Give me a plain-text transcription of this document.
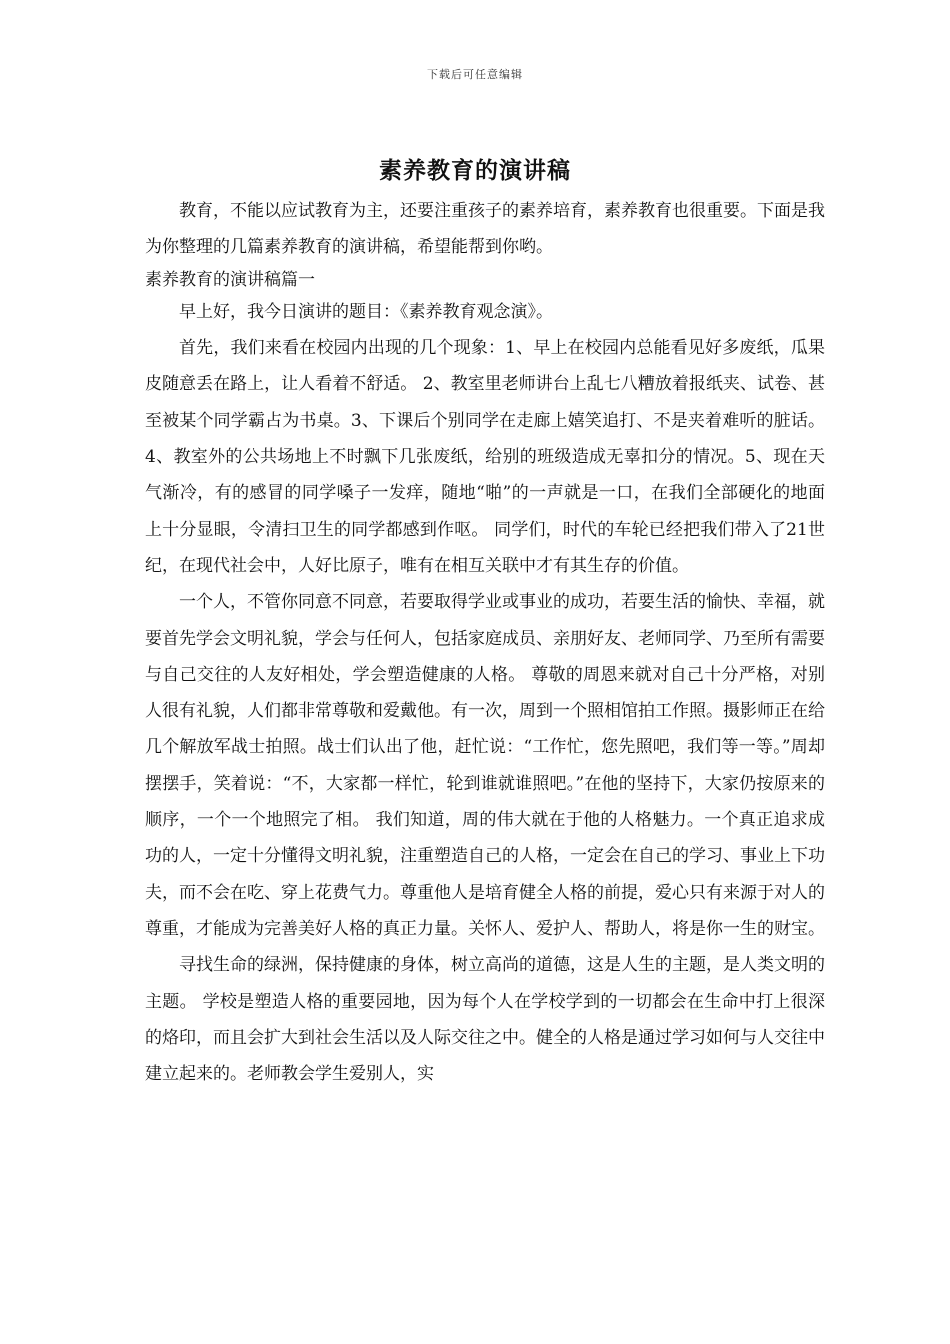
下载后可任意编辑
素养教育的演讲稿

教育，不能以应试教育为主，还要注重孩子的素养培育，素养教育也很重要。下面是我为你整理的几篇素养教育的演讲稿，希望能帮到你哟。

素养教育的演讲稿篇一

早上好，我今日演讲的题目：《素养教育观念演》。

首先，我们来看在校园内出现的几个现象：1、早上在校园内总能看见好多废纸，瓜果皮随意丢在路上，让人看着不舒适。 2、教室里老师讲台上乱七八糟放着报纸夹、试卷、甚至被某个同学霸占为书桌。3、下课后个别同学在走廊上嬉笑追打、不是夹着难听的脏话。4、教室外的公共场地上不时飘下几张废纸，给别的班级造成无辜扣分的情况。5、现在天气渐冷，有的感冒的同学嗓子一发痒，随地“啪”的一声就是一口，在我们全部硬化的地面上十分显眼，令清扫卫生的同学都感到作呕。 同学们，时代的车轮已经把我们带入了21世纪，在现代社会中，人好比原子，唯有在相互关联中才有其生存的价值。

一个人，不管你同意不同意，若要取得学业或事业的成功，若要生活的愉快、幸福，就要首先学会文明礼貌，学会与任何人，包括家庭成员、亲朋好友、老师同学、乃至所有需要与自己交往的人友好相处，学会塑造健康的人格。 尊敬的周恩来就对自己十分严格，对别人很有礼貌，人们都非常尊敬和爱戴他。有一次，周到一个照相馆拍工作照。摄影师正在给几个解放军战士拍照。战士们认出了他，赶忙说：“工作忙，您先照吧，我们等一等。”周却摆摆手，笑着说：“不，大家都一样忙，轮到谁就谁照吧。”在他的坚持下，大家仍按原来的顺序，一个一个地照完了相。 我们知道，周的伟大就在于他的人格魅力。一个真正追求成功的人，一定十分懂得文明礼貌，注重塑造自己的人格，一定会在自己的学习、事业上下功夫，而不会在吃、穿上花费气力。尊重他人是培育健全人格的前提，爱心只有来源于对人的尊重，才能成为完善美好人格的真正力量。关怀人、爱护人、帮助人，将是你一生的财宝。

寻找生命的绿洲，保持健康的身体，树立高尚的道德，这是人生的主题，是人类文明的主题。 学校是塑造人格的重要园地，因为每个人在学校学到的一切都会在生命中打上很深的烙印，而且会扩大到社会生活以及人际交往之中。健全的人格是通过学习如何与人交往中建立起来的。老师教会学生爱别人，实
